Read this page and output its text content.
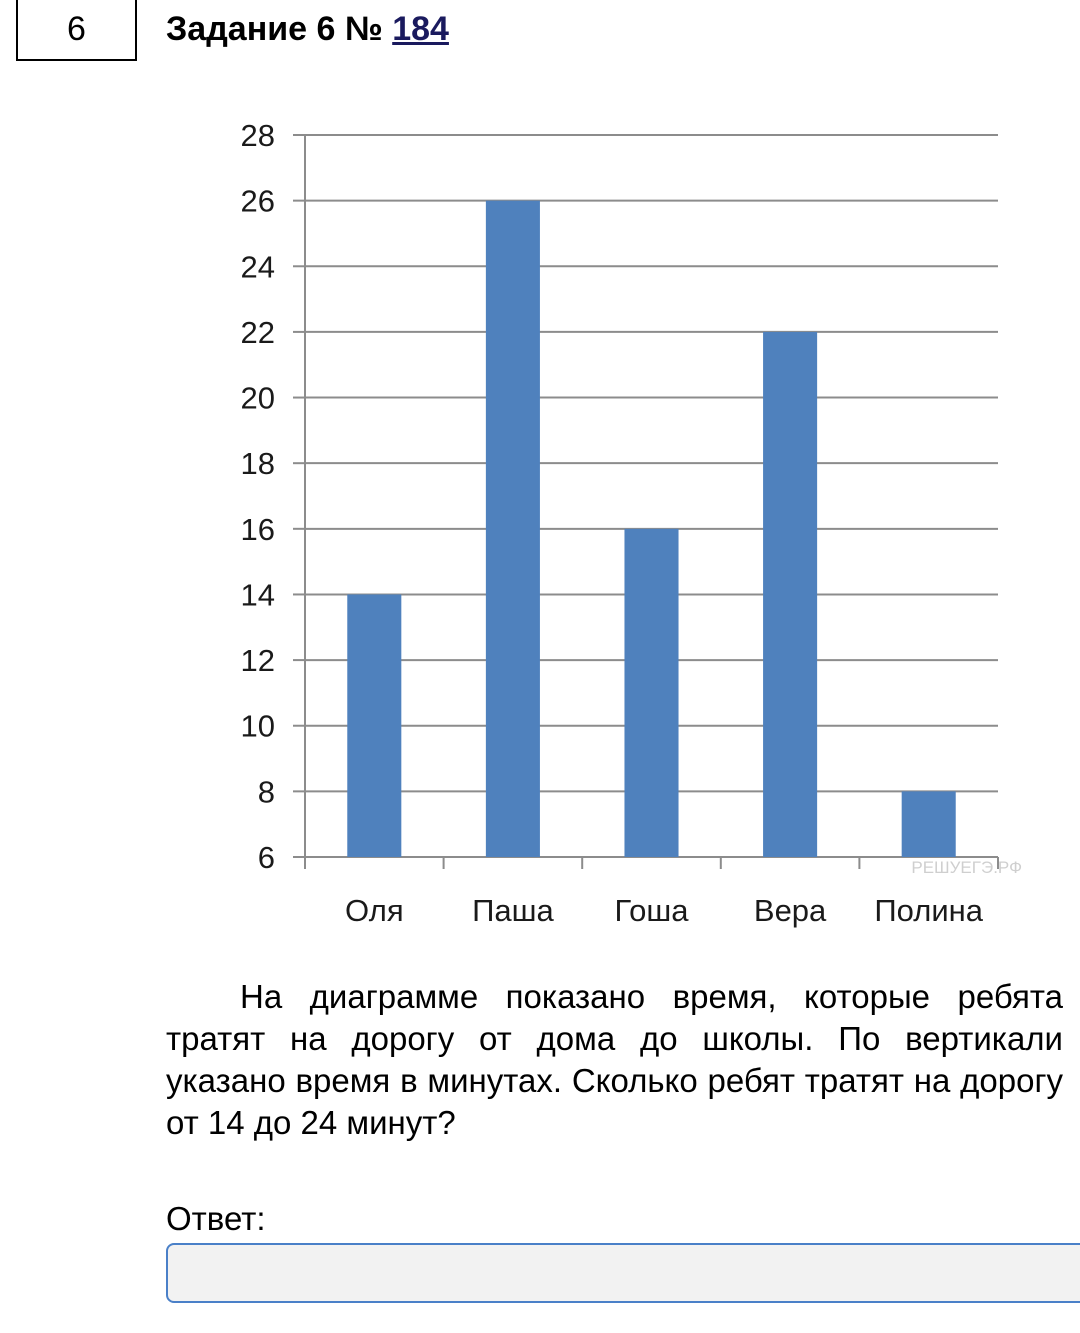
6 Задание 6 № 184
6
8
10
12
14
16
18
20
22
24
26
28
Оля Паша Гоша Вера Полина
РЕШУЕГЭ.РФ
На диаграмме показано время, которые ребята тратят на дорогу от дома до школы. По вертикали указано время в минутах. Сколько ребят тратят на дорогу от 14 до 24 минут?
Ответ:
